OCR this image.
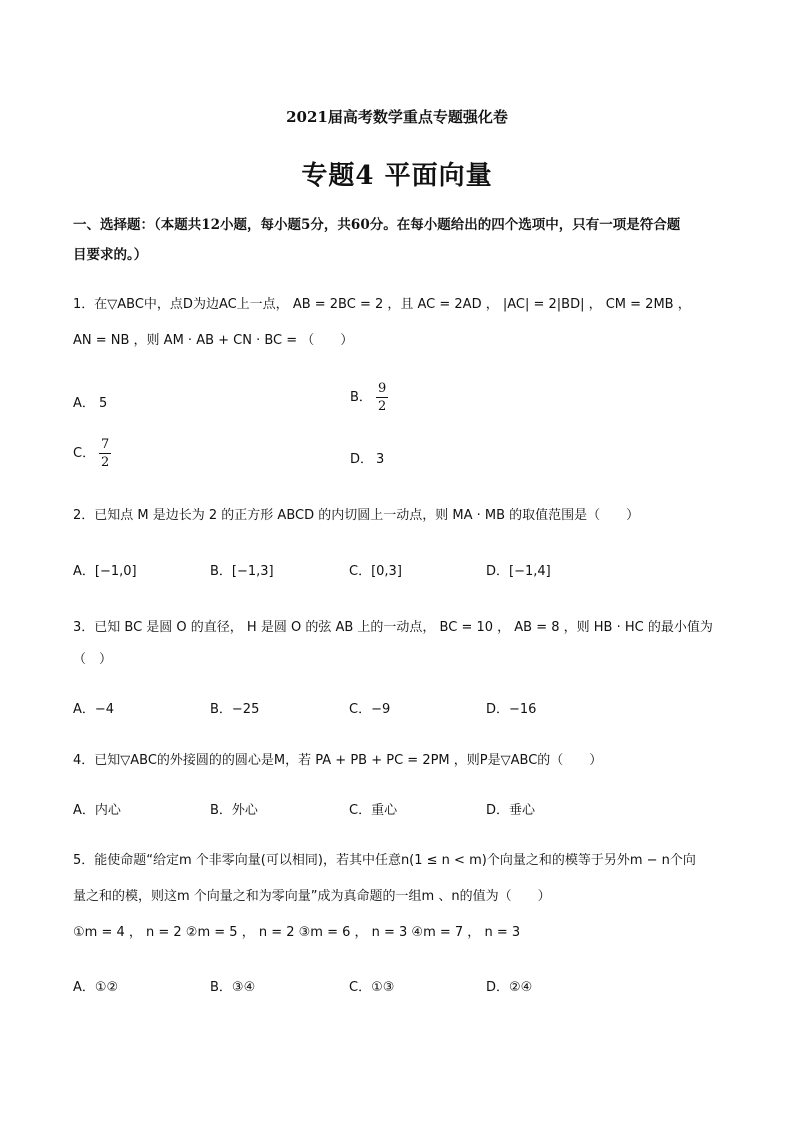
2021届高考数学重点专题强化卷
专题4 平面向量
一、选择题：（本题共12小题，每小题5分，共60分。在每小题给出的四个选项中，只有一项是符合题
目要求的。）
1．在▽ABC中，点D为边AC上一点， AB = 2BC = 2 ，且 AC = 2AD ， |AC| = 2|BD| ， CM = 2MB ，
AN = NB ，则 AM · AB + CN · BC = （　　）
A． 5	B． $\frac{9}{2}$
C． $\frac{7}{2}$	D． 3
2．已知点 M 是边长为 2 的正方形 ABCD 的内切圆上一动点，则 MA · MB 的取值范围是（　　）
A．[−1,0]	B．[−1,3]	C．[0,3]	D．[−1,4]
3．已知 BC 是圆 O 的直径， H 是圆 O 的弦 AB 上的一动点， BC = 10 ， AB = 8 ，则 HB · HC 的最小值为
（　）
A．−4	B．−25	C．−9	D．−16
4．已知▽ABC的外接圆的的圆心是M，若 PA + PB + PC = 2PM ，则P是▽ABC的（　　）
A．内心	B．外心	C．重心	D．垂心
5．能使命题“给定m 个非零向量(可以相同)，若其中任意n(1 ≤ n < m)个向量之和的模等于另外m − n个向
量之和的模，则这m 个向量之和为零向量”成为真命题的一组m 、n的值为（　　）
①m = 4 ， n = 2 ②m = 5 ， n = 2 ③m = 6 ， n = 3 ④m = 7 ， n = 3
A．①②	B．③④	C．①③	D．②④
